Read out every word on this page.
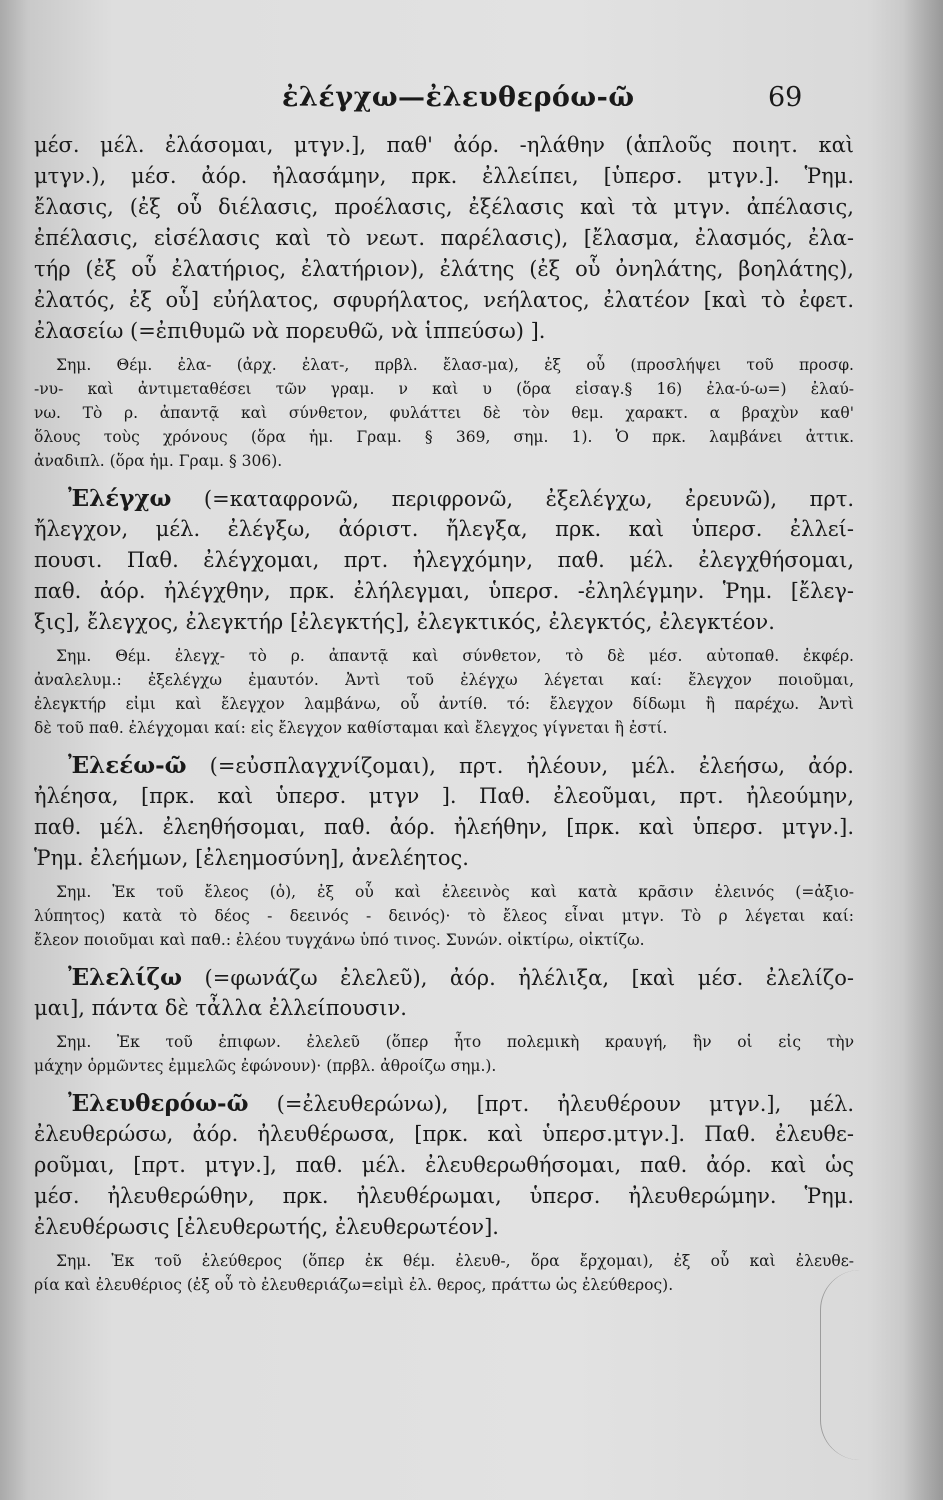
ἐλέγχω—ἐλευθερόω-ῶ	69
μέσ. μέλ. ἐλάσομαι, μτγν.], παθ' ἀόρ. -ηλάθην (ἁπλοῦς ποιητ. καὶ
μτγν.), μέσ. ἀόρ. ἠλασάμην, πρκ. ἐλλείπει, [ὑπερσ. μτγν.]. Ῥημ.
ἔλασις, (ἐξ οὗ διέλασις, προέλασις, ἐξέλασις καὶ τὰ μτγν. ἀπέλασις,
ἐπέλασις, εἰσέλασις καὶ τὸ νεωτ. παρέλασις), [ἔλασμα, ἐλασμός, ἐλα-
τήρ (ἐξ οὗ ἐλατήριος, ἐλατήριον), ἐλάτης (ἐξ οὗ ὀνηλάτης, βοηλάτης),
ἐλατός, ἐξ οὗ] εὐήλατος, σφυρήλατος, νεήλατος, ἐλατέον [καὶ τὸ ἐφετ.
ἐλασείω (=ἐπιθυμῶ νὰ πορευθῶ, νὰ ἱππεύσω) ].
Σημ. Θέμ. ἐλα- (ἀρχ. ἐλατ-, πρβλ. ἔλασ-μα), ἐξ οὗ (προσλήψει τοῦ προσφ.
-νυ- καὶ ἀντιμεταθέσει τῶν γραμ. ν καὶ υ (ὅρα εἰσαγ.§ 16) ἐλα-ύ-ω=) ἐλαύ-
νω. Τὸ ρ. ἀπαντᾷ καὶ σύνθετον, φυλάττει δὲ τὸν θεμ. χαρακτ. α βραχὺν καθ'
ὅλους τοὺς χρόνους (ὅρα ἡμ. Γραμ. § 369, σημ. 1). Ὁ πρκ. λαμβάνει ἀττικ.
ἀναδιπλ. (ὅρα ἡμ. Γραμ. § 306).
Ἐλέγχω (=καταφρονῶ, περιφρονῶ, ἐξελέγχω, ἐρευνῶ), πρτ.
ἤλεγχον, μέλ. ἐλέγξω, ἀόριστ. ἤλεγξα, πρκ. καὶ ὑπερσ. ἐλλεί-
πουσι. Παθ. ἐλέγχομαι, πρτ. ἠλεγχόμην, παθ. μέλ. ἐλεγχθήσομαι,
παθ. ἀόρ. ἠλέγχθην, πρκ. ἐλήλεγμαι, ὑπερσ. -ἐληλέγμην. Ῥημ. [ἔλεγ-
ξις], ἔλεγχος, ἐλεγκτήρ [ἐλεγκτής], ἐλεγκτικός, ἐλεγκτός, ἐλεγκτέον.
Σημ. Θέμ. ἐλεγχ- τὸ ρ. ἀπαντᾷ καὶ σύνθετον, τὸ δὲ μέσ. αὐτοπαθ. ἐκφέρ.
ἀναλελυμ.: ἐξελέγχω ἐμαυτόν. Ἀντὶ τοῦ ἐλέγχω λέγεται καί: ἔλεγχον ποιοῦμαι,
ἐλεγκτήρ εἰμι καὶ ἔλεγχον λαμβάνω, οὗ ἀντίθ. τό: ἔλεγχον δίδωμι ἢ παρέχω. Ἀντὶ
δὲ τοῦ παθ. ἐλέγχομαι καί: εἰς ἔλεγχον καθίσταμαι καὶ ἔλεγχος γίγνεται ἢ ἐστί.
Ἐλεέω-ῶ (=εὐσπλαγχνίζομαι), πρτ. ἠλέουν, μέλ. ἐλεήσω, ἀόρ.
ἠλέησα, [πρκ. καὶ ὑπερσ. μτγν ]. Παθ. ἐλεοῦμαι, πρτ. ἠλεούμην,
παθ. μέλ. ἐλεηθήσομαι, παθ. ἀόρ. ἠλεήθην, [πρκ. καὶ ὑπερσ. μτγν.].
Ῥημ. ἐλεήμων, [ἐλεημοσύνη], ἀνελέητος.
Σημ. Ἐκ τοῦ ἔλεος (ὁ), ἐξ οὗ καὶ ἐλεεινὸς καὶ κατὰ κρᾶσιν ἐλεινός (=ἀξιο-
λύπητος) κατὰ τὸ δέος - δεεινός - δεινός)· τὸ ἔλεος εἶναι μτγν. Τὸ ρ λέγεται καί:
ἔλεον ποιοῦμαι καὶ παθ.: ἐλέου τυγχάνω ὑπό τινος. Συνών. οἰκτίρω, οἰκτίζω.
Ἐλελίζω (=φωνάζω ἐλελεῦ), ἀόρ. ἠλέλιξα, [καὶ μέσ. ἐλελίζο-
μαι], πάντα δὲ τἆλλα ἐλλείπουσιν.
Σημ. Ἐκ τοῦ ἐπιφων. ἐλελεῦ (ὅπερ ἦτο πολεμικὴ κραυγή, ἣν οἱ εἰς τὴν
μάχην ὁρμῶντες ἐμμελῶς ἐφώνουν)· (πρβλ. ἀθροίζω σημ.).
Ἐλευθερόω-ῶ (=ἐλευθερώνω), [πρτ. ἠλευθέρουν μτγν.], μέλ.
ἐλευθερώσω, ἀόρ. ἠλευθέρωσα, [πρκ. καὶ ὑπερσ.μτγν.]. Παθ. ἐλευθε-
ροῦμαι, [πρτ. μτγν.], παθ. μέλ. ἐλευθερωθήσομαι, παθ. ἀόρ. καὶ ὡς
μέσ. ἠλευθερώθην, πρκ. ἠλευθέρωμαι, ὑπερσ. ἠλευθερώμην. Ῥημ.
ἐλευθέρωσις [ἐλευθερωτής, ἐλευθερωτέον].
Σημ. Ἐκ τοῦ ἐλεύθερος (ὅπερ ἐκ θέμ. ἐλευθ-, ὅρα ἔρχομαι), ἐξ οὗ καὶ ἐλευθε-
ρία καὶ ἐλευθέριος (ἐξ οὗ τὸ ἐλευθεριάζω=εἰμὶ ἐλ. θερος, πράττω ὡς ἐλεύθερος).
